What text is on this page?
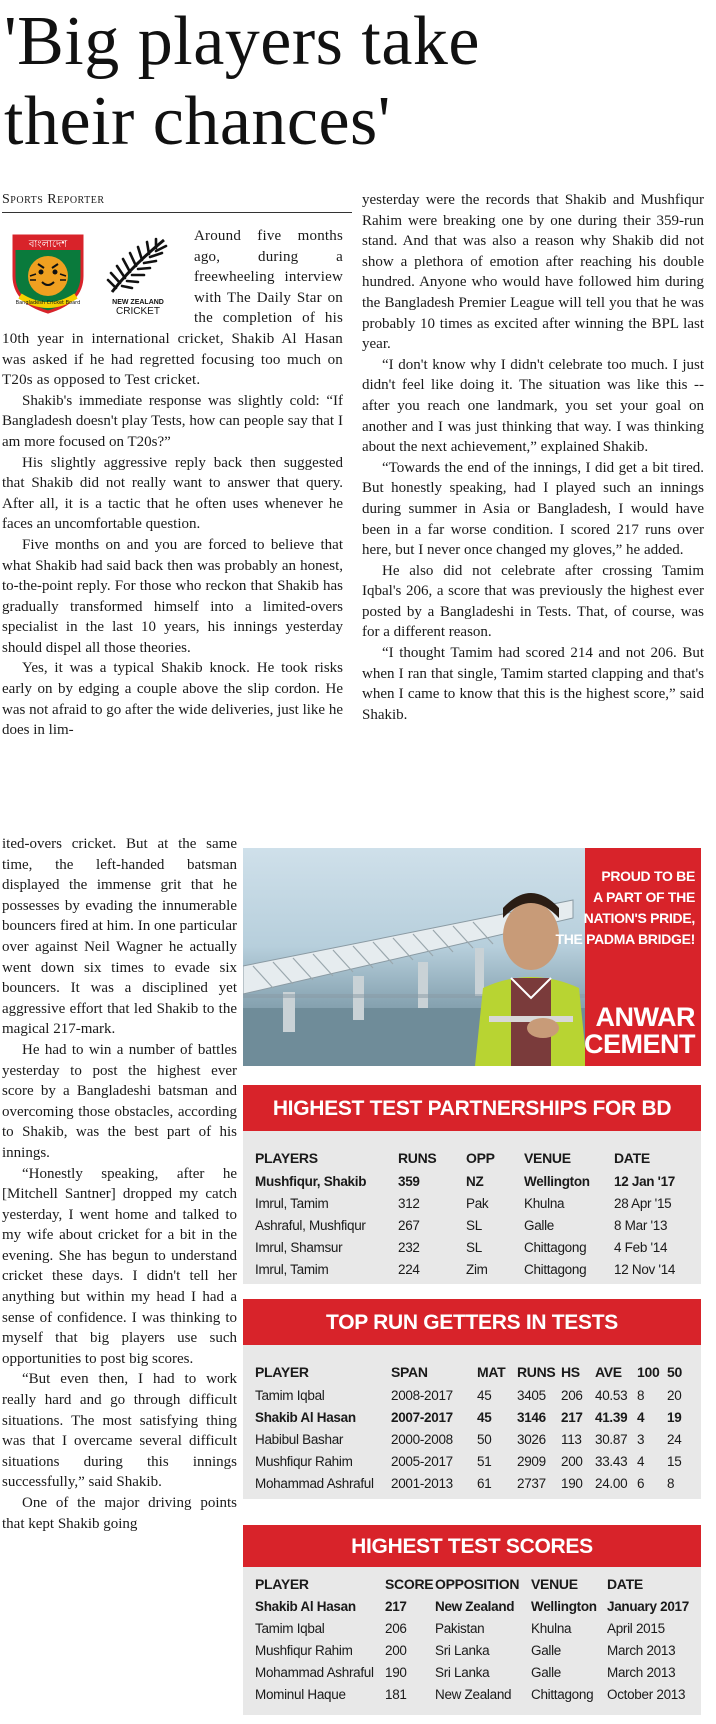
'Big players take
their chances'
Sports Reporter
বাংলাদেশ
Bangladesh Cricket Board	NEW ZEALAND
CRICKET

Around five months ago, during a freewheeling interview with The Daily Star on the completion of his 10th year in international cricket, Shakib Al Hasan was asked if he had regretted focusing too much on T20s as opposed to Test cricket.

Shakib's immediate response was slightly cold: “If Bangladesh doesn't play Tests, how can people say that I am more focused on T20s?”

His slightly aggressive reply back then suggested that Shakib did not really want to answer that query. After all, it is a tactic that he often uses whenever he faces an uncomfortable question.

Five months on and you are forced to believe that what Shakib had said back then was probably an honest, to-the-point reply. For those who reckon that Shakib has gradually transformed himself into a limited-overs specialist in the last 10 years, his innings yesterday should dispel all those theories.

Yes, it was a typical Shakib knock. He took risks early on by edging a couple above the slip cordon. He was not afraid to go after the wide deliveries, just like he does in lim-

ited-overs cricket. But at the same time, the left-handed batsman displayed the immense grit that he possesses by evading the innumerable bouncers fired at him. In one particular over against Neil Wagner he actually went down six times to evade six bouncers. It was a disciplined yet aggressive effort that led Shakib to the magical 217-mark.

He had to win a number of battles yesterday to post the highest ever score by a Bangladeshi batsman and overcoming those obstacles, according to Shakib, was the best part of his innings.

“Honestly speaking, after he [Mitchell Santner] dropped my catch yesterday, I went home and talked to my wife about cricket for a bit in the evening. She has begun to understand cricket these days. I didn't tell her anything but within my head I had a sense of confidence. I was thinking to myself that big players use such opportunities to post big scores.

“But even then, I had to work really hard and go through difficult situations. The most satisfying thing was that I overcame several difficult situations during this innings successfully,” said Shakib.

One of the major driving points that kept Shakib going

yesterday were the records that Shakib and Mushfiqur Rahim were breaking one by one during their 359-run stand. And that was also a reason why Shakib did not show a plethora of emotion after reaching his double hundred. Anyone who would have followed him during the Bangladesh Premier League will tell you that he was probably 10 times as excited after winning the BPL last year.

“I don't know why I didn't celebrate too much. I just didn't feel like doing it. The situation was like this -- after you reach one landmark, you set your goal on another and I was just thinking that way. I was thinking about the next achievement,” explained Shakib.

“Towards the end of the innings, I did get a bit tired. But honestly speaking, had I played such an innings during summer in Asia or Bangladesh, I would have been in a far worse condition. I scored 217 runs over here, but I never once changed my gloves,” he added.

He also did not celebrate after crossing Tamim Iqbal's 206, a score that was previously the highest ever posted by a Bangladeshi in Tests. That, of course, was for a different reason.

“I thought Tamim had scored 214 and not 206. But when I ran that single, Tamim started clapping and that's when I came to know that this is the highest score,” said Shakib.

PROUD TO BE
A PART OF THE
NATION'S PRIDE,
THE PADMA BRIDGE!
ANWAR
CEMENT
HIGHEST TEST PARTNERSHIPS FOR BD
PLAYERS	RUNS	OPP	VENUE	DATE
Mushfiqur, Shakib	359	NZ	Wellington	12 Jan '17
Imrul, Tamim	312	Pak	Khulna	28 Apr '15
Ashraful, Mushfiqur	267	SL	Galle	8 Mar '13
Imrul, Shamsur	232	SL	Chittagong	4 Feb '14
Imrul, Tamim	224	Zim	Chittagong	12 Nov '14
TOP RUN GETTERS IN TESTS
PLAYER	SPAN	MAT	RUNS	HS	AVE	100	50
Tamim Iqbal	2008-2017	45	3405	206	40.53	8	20
Shakib Al Hasan	2007-2017	45	3146	217	41.39	4	19
Habibul Bashar	2000-2008	50	3026	113	30.87	3	24
Mushfiqur Rahim	2005-2017	51	2909	200	33.43	4	15
Mohammad Ashraful	2001-2013	61	2737	190	24.00	6	8
HIGHEST TEST SCORES
PLAYER	SCORE	OPPOSITION	VENUE	DATE
Shakib Al Hasan	217	New Zealand	Wellington	January 2017
Tamim Iqbal	206	Pakistan	Khulna	April 2015
Mushfiqur Rahim	200	Sri Lanka	Galle	March 2013
Mohammad Ashraful	190	Sri Lanka	Galle	March 2013
Mominul Haque	181	New Zealand	Chittagong	October 2013
